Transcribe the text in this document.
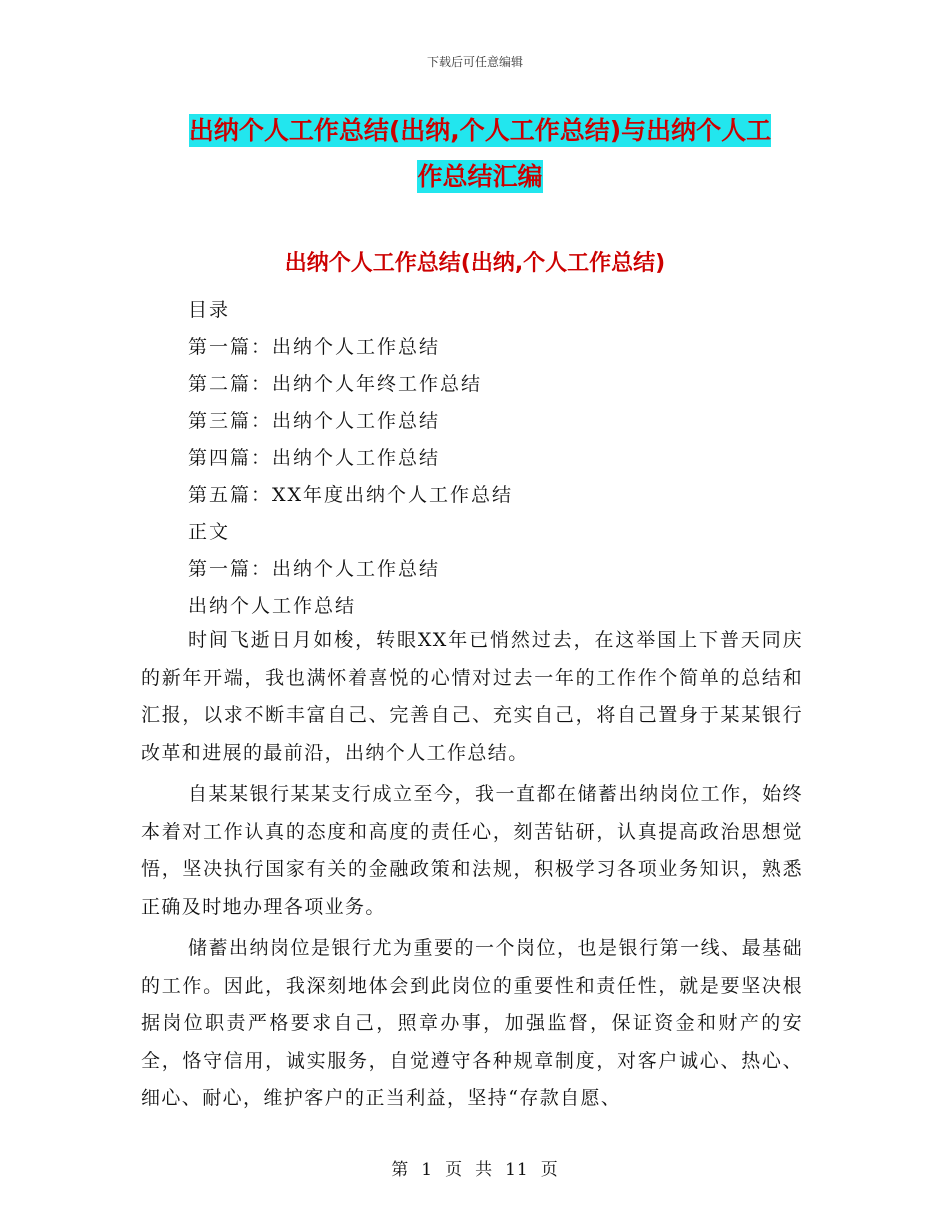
下载后可任意编辑
出纳个人工作总结(出纳,个人工作总结)与出纳个人工
作总结汇编
出纳个人工作总结(出纳,个人工作总结)
目录
第一篇：出纳个人工作总结
第二篇：出纳个人年终工作总结
第三篇：出纳个人工作总结
第四篇：出纳个人工作总结
第五篇：XX年度出纳个人工作总结
正文
第一篇：出纳个人工作总结
出纳个人工作总结

时间飞逝日月如梭，转眼XX年已悄然过去，在这举国上下普天同庆的新年开端，我也满怀着喜悦的心情对过去一年的工作作个简单的总结和汇报，以求不断丰富自己、完善自己、充实自己，将自己置身于某某银行改革和进展的最前沿，出纳个人工作总结。

自某某银行某某支行成立至今，我一直都在储蓄出纳岗位工作，始终本着对工作认真的态度和高度的责任心，刻苦钻研，认真提高政治思想觉悟，坚决执行国家有关的金融政策和法规，积极学习各项业务知识，熟悉正确及时地办理各项业务。

储蓄出纳岗位是银行尤为重要的一个岗位，也是银行第一线、最基础的工作。因此，我深刻地体会到此岗位的重要性和责任性，就是要坚决根据岗位职责严格要求自己，照章办事，加强监督，保证资金和财产的安全，恪守信用，诚实服务，自觉遵守各种规章制度，对客户诚心、热心、细心、耐心，维护客户的正当利益，坚持“存款自愿、

第 1 页 共 11 页
